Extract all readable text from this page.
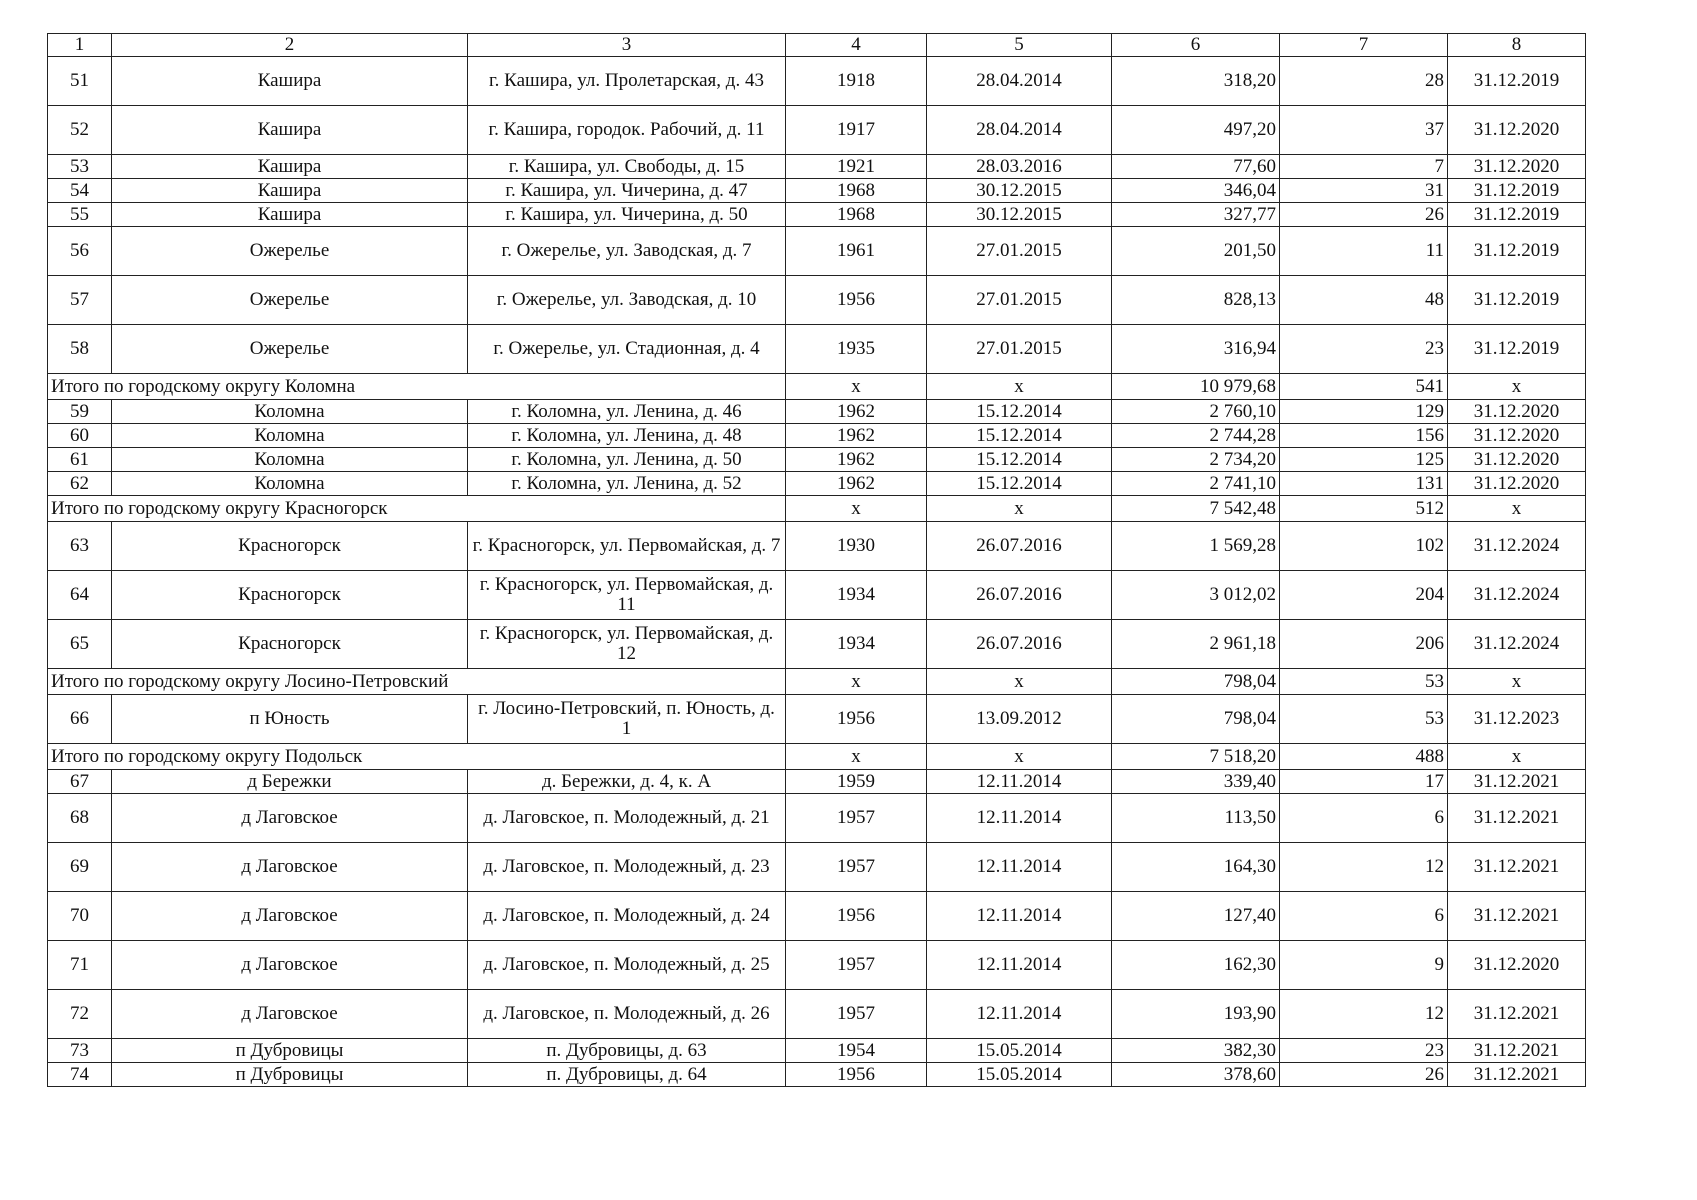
1	2	3	4	5	6	7	8
51	Кашира	г. Кашира, ул. Пролетарская, д. 43	1918	28.04.2014	318,20	28	31.12.2019
52	Кашира	г. Кашира, городок. Рабочий, д. 11	1917	28.04.2014	497,20	37	31.12.2020
53	Кашира	г. Кашира, ул. Свободы, д. 15	1921	28.03.2016	77,60	7	31.12.2020
54	Кашира	г. Кашира, ул. Чичерина, д. 47	1968	30.12.2015	346,04	31	31.12.2019
55	Кашира	г. Кашира, ул. Чичерина, д. 50	1968	30.12.2015	327,77	26	31.12.2019
56	Ожерелье	г. Ожерелье, ул. Заводская, д. 7	1961	27.01.2015	201,50	11	31.12.2019
57	Ожерелье	г. Ожерелье, ул. Заводская, д. 10	1956	27.01.2015	828,13	48	31.12.2019
58	Ожерелье	г. Ожерелье, ул. Стадионная, д. 4	1935	27.01.2015	316,94	23	31.12.2019
Итого по городскому округу Коломна			х	х	10 979,68	541	х
59	Коломна	г. Коломна, ул. Ленина, д. 46	1962	15.12.2014	2 760,10	129	31.12.2020
60	Коломна	г. Коломна, ул. Ленина, д. 48	1962	15.12.2014	2 744,28	156	31.12.2020
61	Коломна	г. Коломна, ул. Ленина, д. 50	1962	15.12.2014	2 734,20	125	31.12.2020
62	Коломна	г. Коломна, ул. Ленина, д. 52	1962	15.12.2014	2 741,10	131	31.12.2020
Итого по городскому округу Красногорск			х	х	7 542,48	512	х
63	Красногорск	г. Красногорск, ул. Первомайская, д. 7	1930	26.07.2016	1 569,28	102	31.12.2024
64	Красногорск	г. Красногорск, ул. Первомайская, д. 11	1934	26.07.2016	3 012,02	204	31.12.2024
65	Красногорск	г. Красногорск, ул. Первомайская, д. 12	1934	26.07.2016	2 961,18	206	31.12.2024
Итого по городскому округу Лосино-Петровский			х	х	798,04	53	х
66	п Юность	г. Лосино-Петровский, п. Юность, д. 1	1956	13.09.2012	798,04	53	31.12.2023
Итого по городскому округу Подольск			х	х	7 518,20	488	х
67	д Бережки	д. Бережки, д. 4, к. А	1959	12.11.2014	339,40	17	31.12.2021
68	д Лаговское	д. Лаговское, п. Молодежный, д. 21	1957	12.11.2014	113,50	6	31.12.2021
69	д Лаговское	д. Лаговское, п. Молодежный, д. 23	1957	12.11.2014	164,30	12	31.12.2021
70	д Лаговское	д. Лаговское, п. Молодежный, д. 24	1956	12.11.2014	127,40	6	31.12.2021
71	д Лаговское	д. Лаговское, п. Молодежный, д. 25	1957	12.11.2014	162,30	9	31.12.2020
72	д Лаговское	д. Лаговское, п. Молодежный, д. 26	1957	12.11.2014	193,90	12	31.12.2021
73	п Дубровицы	п. Дубровицы, д. 63	1954	15.05.2014	382,30	23	31.12.2021
74	п Дубровицы	п. Дубровицы, д. 64	1956	15.05.2014	378,60	26	31.12.2021
